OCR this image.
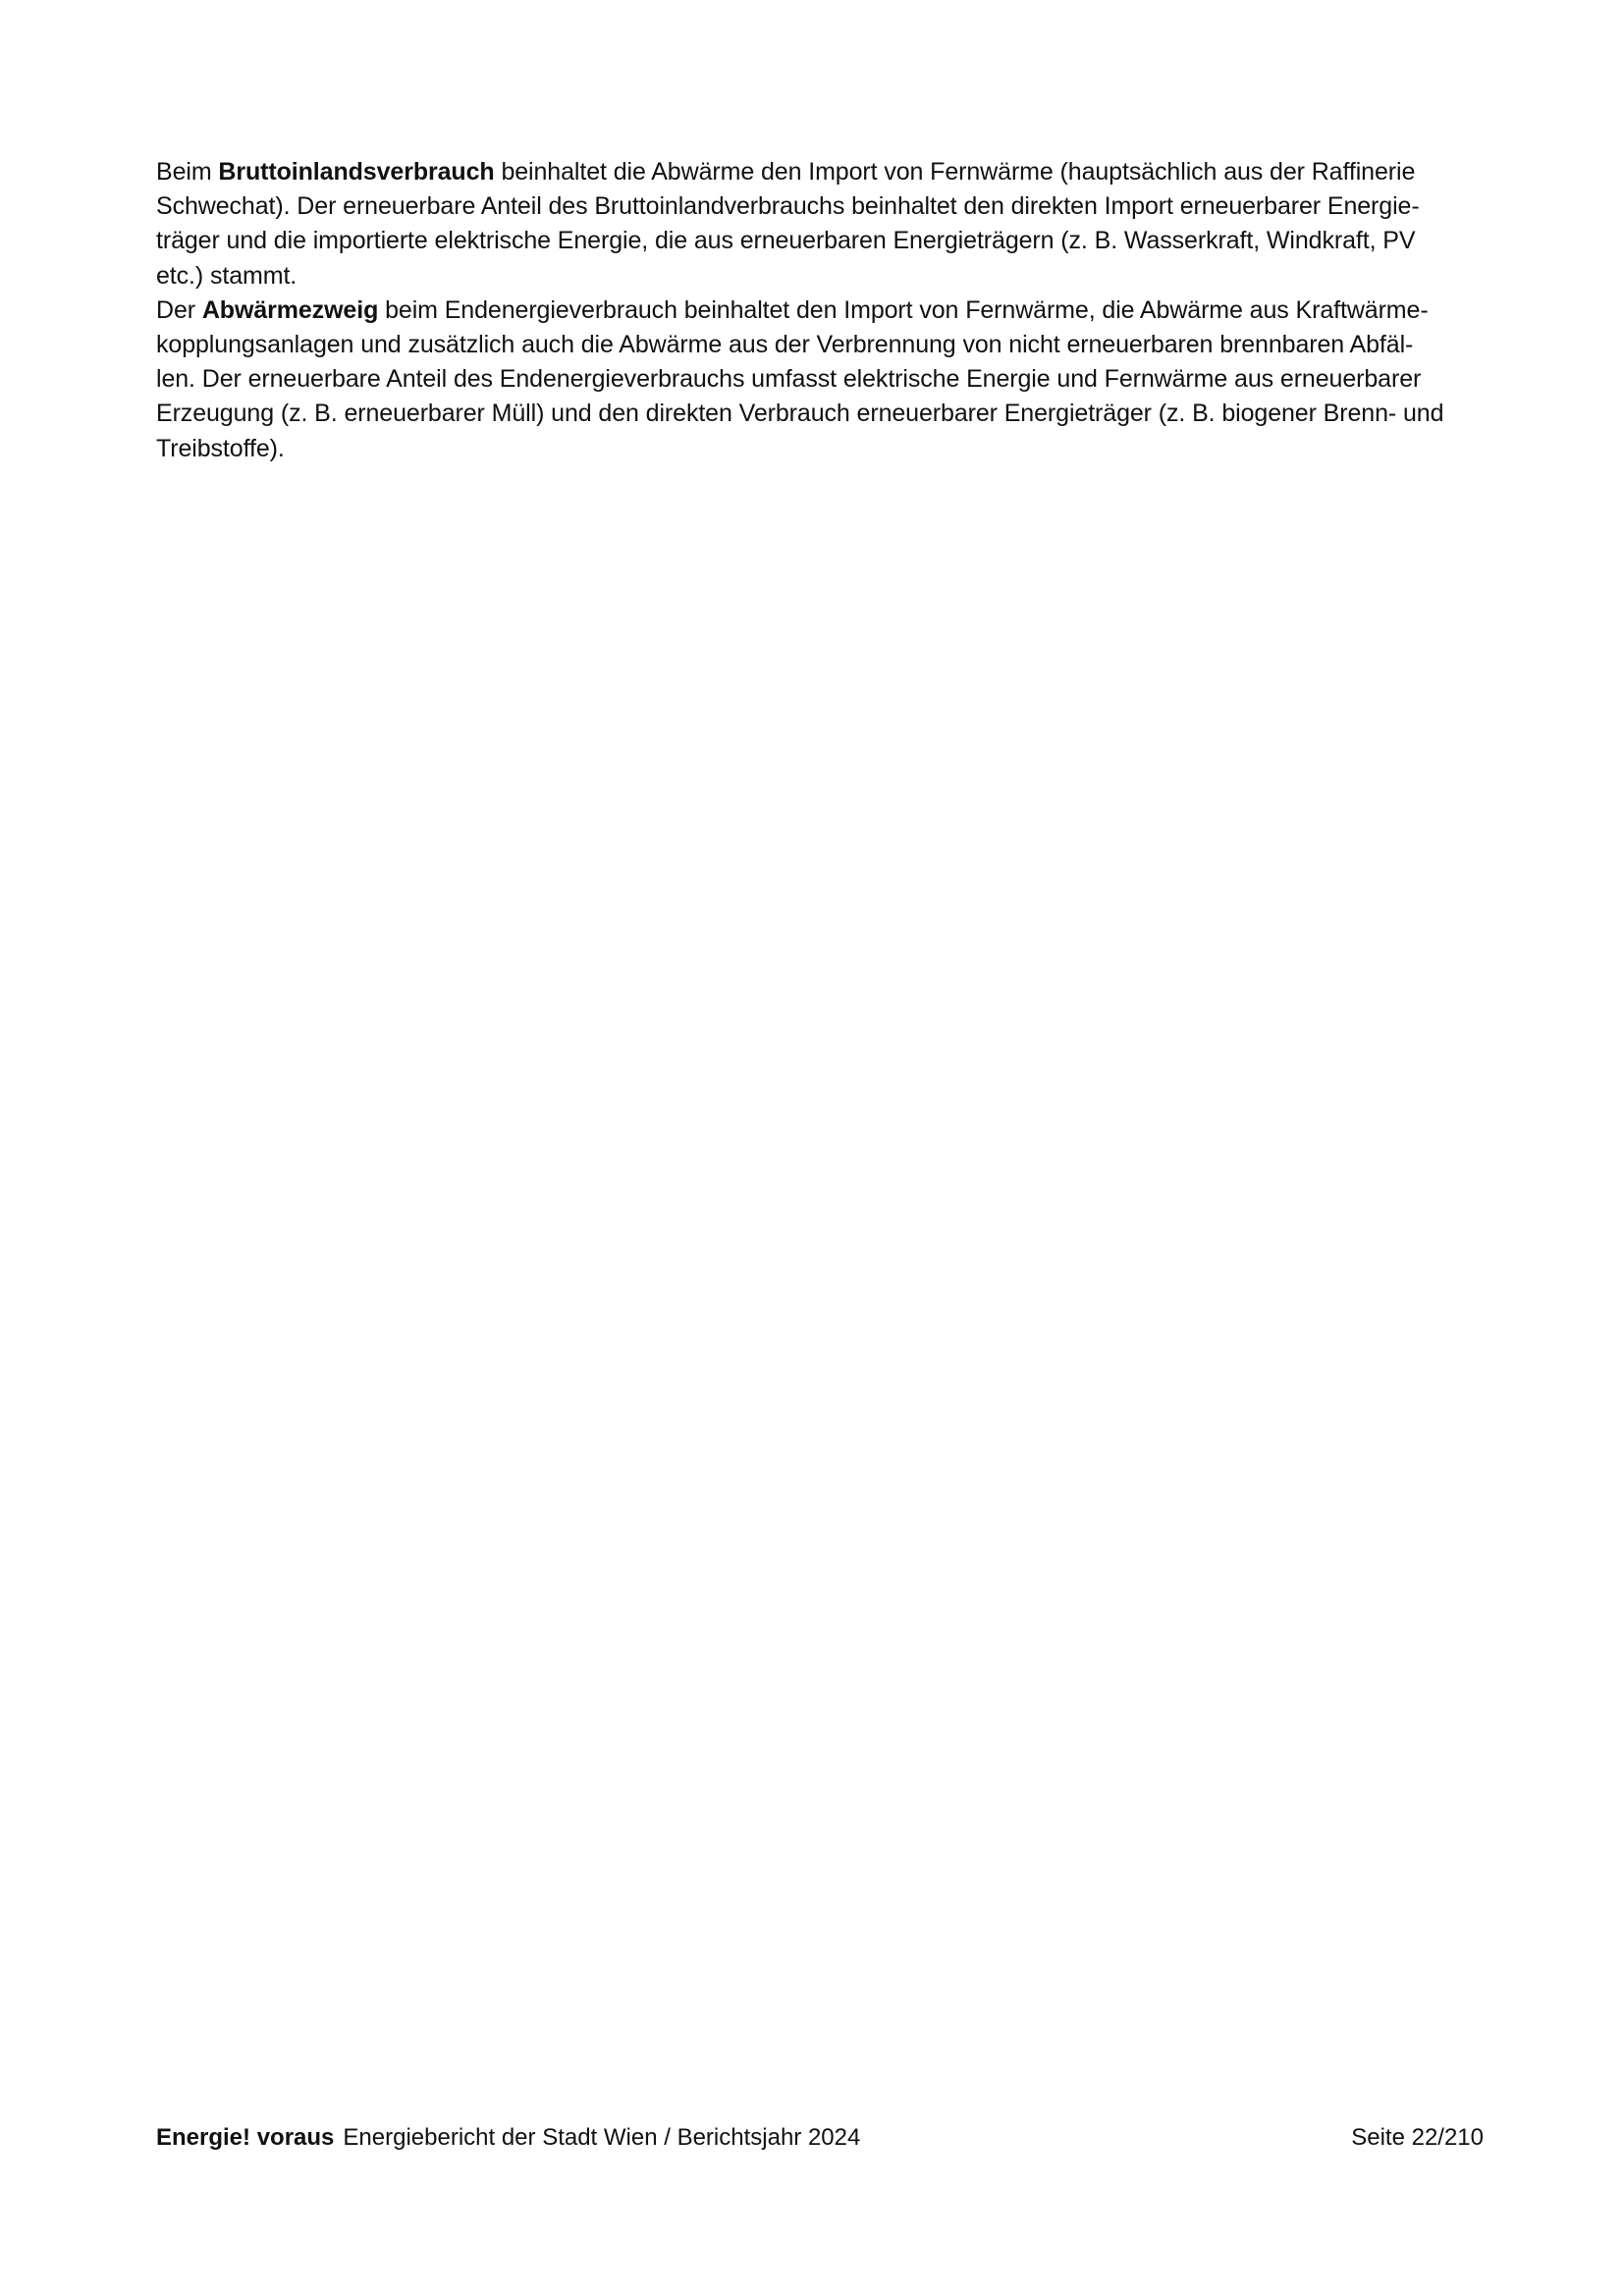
Beim Bruttoinlandsverbrauch beinhaltet die Abwärme den Import von Fernwärme (hauptsächlich aus der Raffinerie
Schwechat). Der erneuerbare Anteil des Bruttoinlandverbrauchs beinhaltet den direkten Import erneuerbarer Energie-
träger und die importierte elektrische Energie, die aus erneuerbaren Energieträgern (z. B. Wasserkraft, Windkraft, PV
etc.) stammt.
Der Abwärmezweig beim Endenergieverbrauch beinhaltet den Import von Fernwärme, die Abwärme aus Kraftwärme-
kopplungsanlagen und zusätzlich auch die Abwärme aus der Verbrennung von nicht erneuerbaren brennbaren Abfäl-
len. Der erneuerbare Anteil des Endenergieverbrauchs umfasst elektrische Energie und Fernwärme aus erneuerbarer
Erzeugung (z. B. erneuerbarer Müll) und den direkten Verbrauch erneuerbarer Energieträger (z. B. biogener Brenn- und
Treibstoffe).
Energie! voraus Energiebericht der Stadt Wien / Berichtsjahr 2024	Seite 22/210
